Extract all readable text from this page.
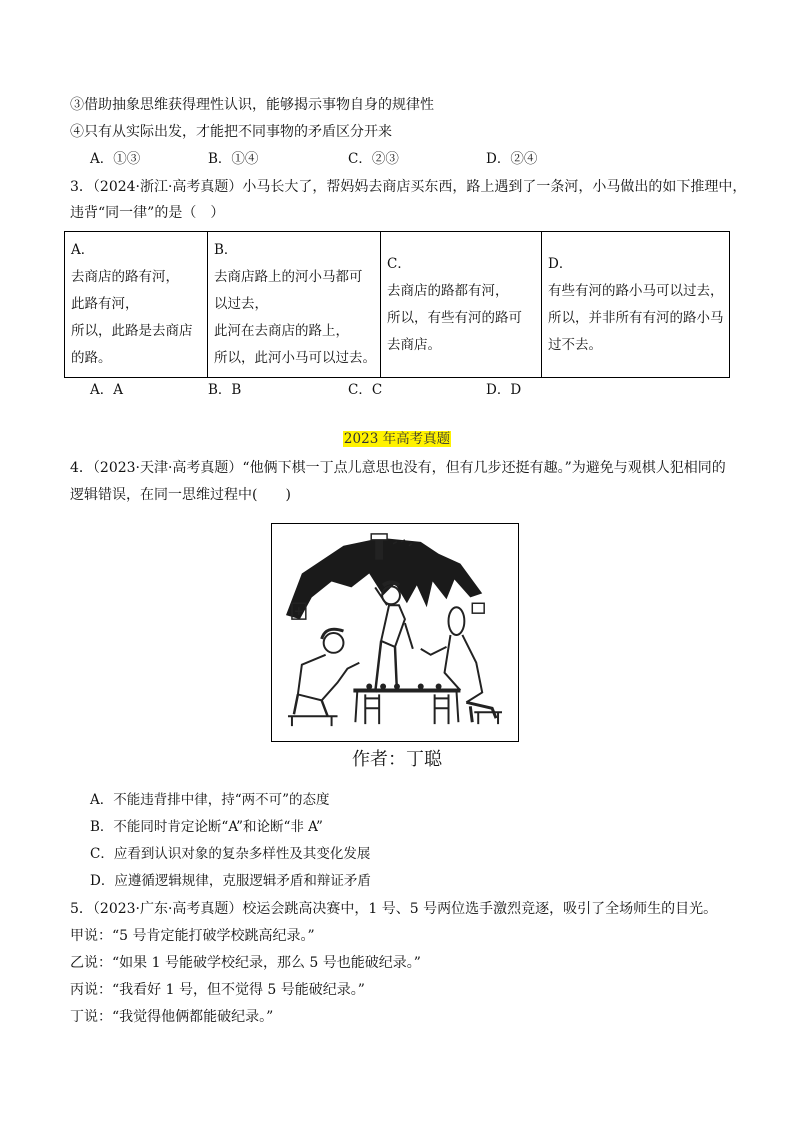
③借助抽象思维获得理性认识，能够揭示事物自身的规律性
④只有从实际出发，才能把不同事物的矛盾区分开来
A．①③	B．①④	C．②③	D．②④
3．（2024·浙江·高考真题）小马长大了，帮妈妈去商店买东西，路上遇到了一条河，小马做出的如下推理中，
违背“同一律”的是（　）
A．
去商店的路有河，
此路有河，
所以，此路是去商店
的路。

B．
去商店路上的河小马都可
以过去，
此河在去商店的路上，
所以，此河小马可以过去。

C．
去商店的路都有河，
所以，有些有河的路可
去商店。

D．
有些有河的路小马可以过去，
所以，并非所有有河的路小马
过不去。
A．A	B．B	C．C	D．D
2023 年高考真题
4．（2023·天津·高考真题）“他俩下棋一丁点儿意思也没有，但有几步还挺有趣。”为避免与观棋人犯相同的
逻辑错误，在同一思维过程中(　　)
作者：丁聪
A．不能违背排中律，持“两不可”的态度
B．不能同时肯定论断“A”和论断“非 A”
C．应看到认识对象的复杂多样性及其变化发展
D．应遵循逻辑规律，克服逻辑矛盾和辩证矛盾
5．（2023·广东·高考真题）校运会跳高决赛中，1 号、5 号两位选手激烈竞逐，吸引了全场师生的目光。
甲说：“5 号肯定能打破学校跳高纪录。”
乙说：“如果 1 号能破学校纪录，那么 5 号也能破纪录。”
丙说：“我看好 1 号，但不觉得 5 号能破纪录。”
丁说：“我觉得他俩都能破纪录。”
